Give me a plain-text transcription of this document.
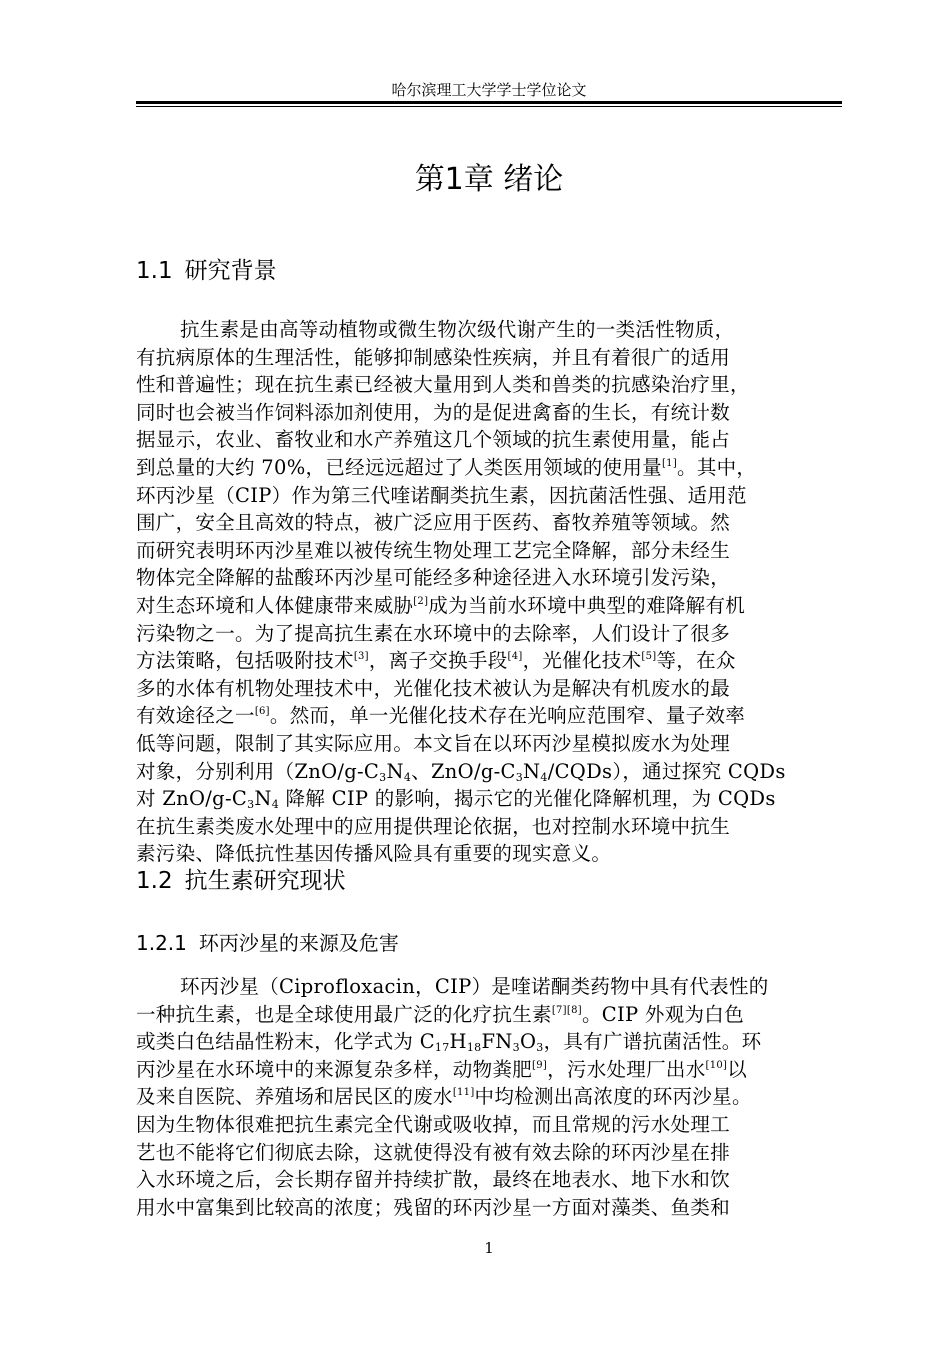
哈尔滨理工大学学士学位论文
第1章 绪论
1.1 研究背景
抗生素是由高等动植物或微生物次级代谢产生的一类活性物质，
有抗病原体的生理活性，能够抑制感染性疾病，并且有着很广的适用
性和普遍性；现在抗生素已经被大量用到人类和兽类的抗感染治疗里，
同时也会被当作饲料添加剂使用，为的是促进禽畜的生长，有统计数
据显示，农业、畜牧业和水产养殖这几个领域的抗生素使用量，能占
到总量的大约 70%，已经远远超过了人类医用领域的使用量[1]。其中，
环丙沙星（CIP）作为第三代喹诺酮类抗生素，因抗菌活性强、适用范
围广，安全且高效的特点，被广泛应用于医药、畜牧养殖等领域。然
而研究表明环丙沙星难以被传统生物处理工艺完全降解，部分未经生
物体完全降解的盐酸环丙沙星可能经多种途径进入水环境引发污染，
对生态环境和人体健康带来威胁[2]成为当前水环境中典型的难降解有机
污染物之一。为了提高抗生素在水环境中的去除率，人们设计了很多
方法策略，包括吸附技术[3]，离子交换手段[4]，光催化技术[5]等，在众
多的水体有机物处理技术中，光催化技术被认为是解决有机废水的最
有效途径之一[6]。然而，单一光催化技术存在光响应范围窄、量子效率
低等问题，限制了其实际应用。本文旨在以环丙沙星模拟废水为处理
对象，分别利用（$ZnO/g-C_3N_4$、ZnO/$g-C_3N_4/CQDs$），通过探究 CQDs
对 ZnO/$g-C_3N_4$ 降解 CIP 的影响，揭示它的光催化降解机理，为 CQDs
在抗生素类废水处理中的应用提供理论依据，也对控制水环境中抗生
素污染、降低抗性基因传播风险具有重要的现实意义。
1.2 抗生素研究现状
1.2.1 环丙沙星的来源及危害
环丙沙星（Ciprofloxacin，CIP）是喹诺酮类药物中具有代表性的
一种抗生素，也是全球使用最广泛的化疗抗生素[7][8]。CIP 外观为白色
或类白色结晶性粉末，化学式为 $C_{17}H_{18}FN_3O_3$，具有广谱抗菌活性。环
丙沙星在水环境中的来源复杂多样，动物粪肥[9]，污水处理厂出水[10]以
及来自医院、养殖场和居民区的废水[11]中均检测出高浓度的环丙沙星。
因为生物体很难把抗生素完全代谢或吸收掉，而且常规的污水处理工
艺也不能将它们彻底去除，这就使得没有被有效去除的环丙沙星在排
入水环境之后，会长期存留并持续扩散，最终在地表水、地下水和饮
用水中富集到比较高的浓度；残留的环丙沙星一方面对藻类、鱼类和
1
